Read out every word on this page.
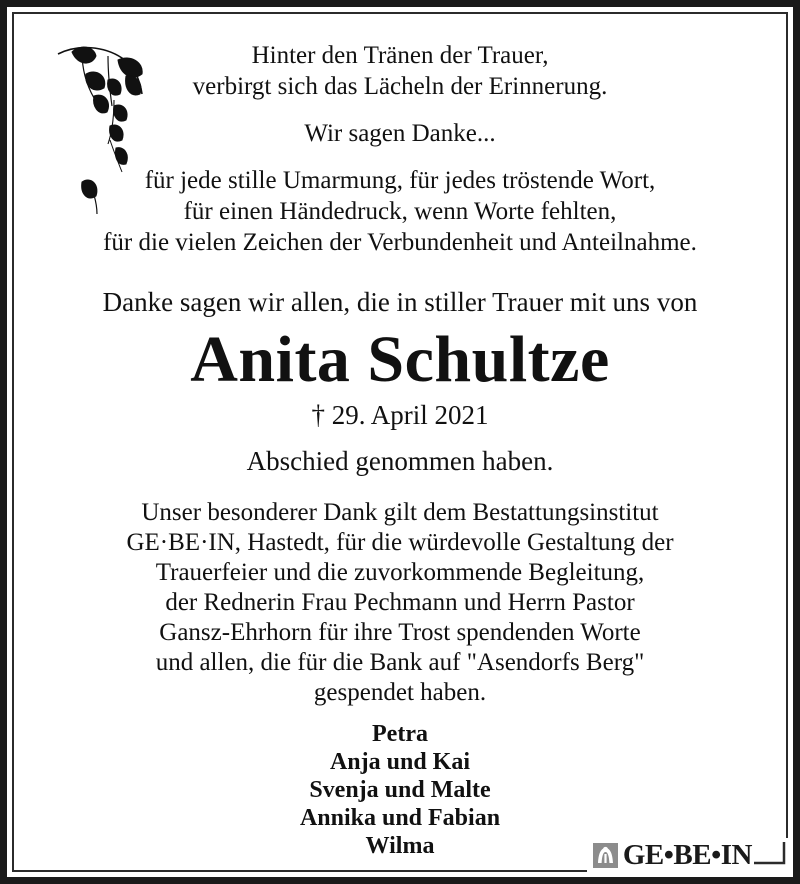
Hinter den Tränen der Trauer,
verbirgt sich das Lächeln der Erinnerung.
Wir sagen Danke...
für jede stille Umarmung, für jedes tröstende Wort,
für einen Händedruck, wenn Worte fehlten,
für die vielen Zeichen der Verbundenheit und Anteilnahme.
Danke sagen wir allen, die in stiller Trauer mit uns von
Anita Schultze
† 29. April 2021
Abschied genommen haben.
Unser besonderer Dank gilt dem Bestattungsinstitut
GE·BE·IN, Hastedt, für die würdevolle Gestaltung der
Trauerfeier und die zuvorkommende Begleitung,
der Rednerin Frau Pechmann und Herrn Pastor
Gansz-Ehrhorn für ihre Trost spendenden Worte
und allen, die für die Bank auf "Asendorfs Berg"
gespendet haben.
Petra
Anja und Kai
Svenja und Malte
Annika und Fabian
Wilma	GE•BE•IN
